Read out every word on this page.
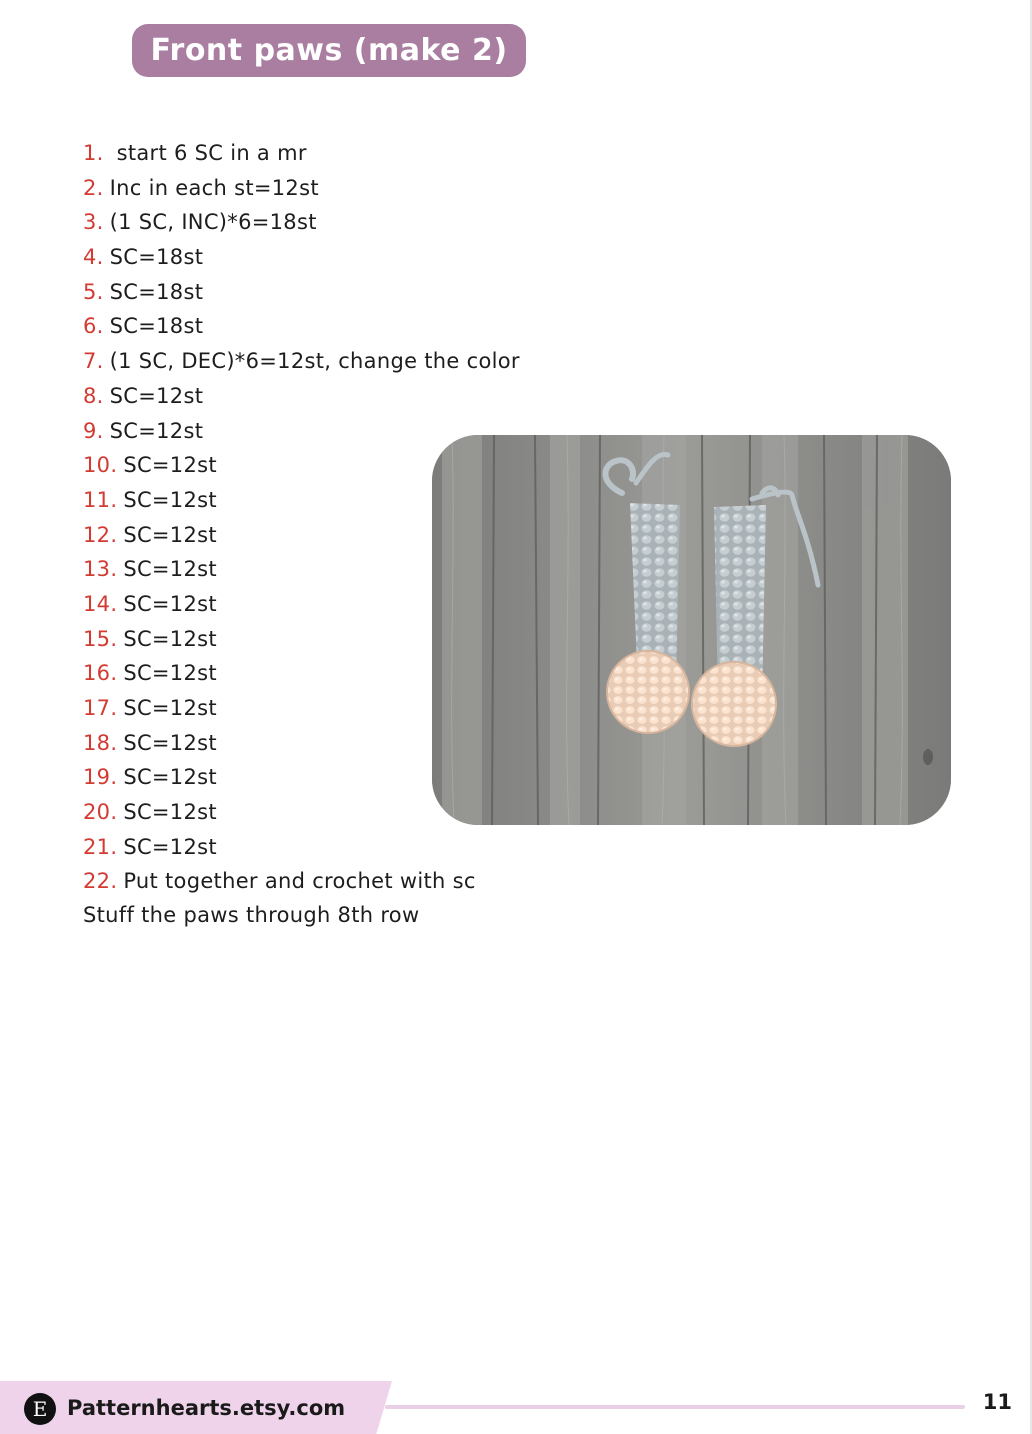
Front paws (make 2)
1. start 6 SC in a mr
2. Inc in each st=12st
3. (1 SC, INC)*6=18st
4. SC=18st
5. SC=18st
6. SC=18st
7. (1 SC, DEC)*6=12st, change the color
8. SC=12st
9. SC=12st
10. SC=12st
11. SC=12st
12. SC=12st
13. SC=12st
14. SC=12st
15. SC=12st
16. SC=12st
17. SC=12st
18. SC=12st
19. SC=12st
20. SC=12st
21. SC=12st
22. Put together and crochet with sc
Stuff the paws through 8th row
E Patternhearts.etsy.com	11
